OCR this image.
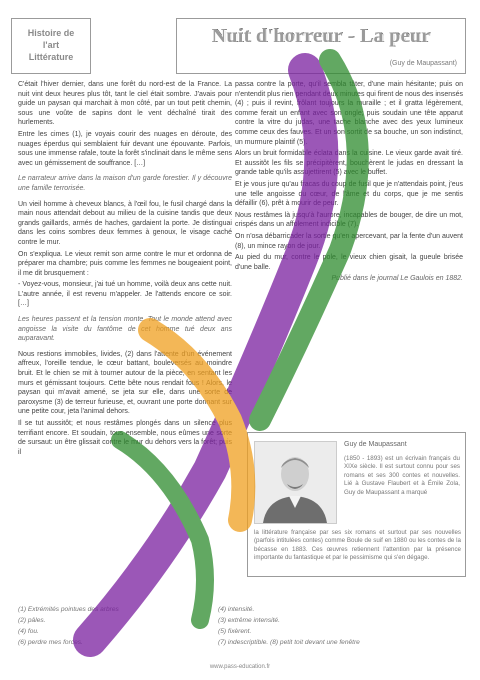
Histoire de
l'art
Littérature
Nuit d'horreur - La peur
(Guy de Maupassant)

C'était l'hiver dernier, dans une forêt du nord-est de la France. La nuit vint deux heures plus tôt, tant le ciel était sombre. J'avais pour guide un paysan qui marchait à mon côté, par un tout petit chemin, sous une voûte de sapins dont le vent déchaîné tirait des hurlements.

Entre les cimes (1), je voyais courir des nuages en déroute, des nuages éperdus qui semblaient fuir devant une épouvante. Parfois, sous une immense rafale, toute la forêt s'inclinait dans le même sens avec un gémissement de souffrance. […]

Le narrateur arrive dans la maison d'un garde forestier. Il y découvre une famille terrorisée.

Un vieil homme à cheveux blancs, à l'œil fou, le fusil chargé dans la main nous attendait debout au milieu de la cuisine tandis que deux grands gaillards, armés de haches, gardaient la porte. Je distinguai dans les coins sombres deux femmes à genoux, le visage caché contre le mur.

On s'expliqua. Le vieux remit son arme contre le mur et ordonna de préparer ma chambre; puis comme les femmes ne bougeaient point, il me dit brusquement :

- Voyez-vous, monsieur, j'ai tué un homme, voilà deux ans cette nuit. L'autre année, il est revenu m'appeler. Je l'attends encore ce soir. […]

Les heures passent et la tension monte. Tout le monde attend avec angoisse la visite du fantôme de cet homme tué deux ans auparavant.

Nous restions immobiles, livides, (2) dans l'attente d'un événement affreux, l'oreille tendue, le cœur battant, bouleversés au moindre bruit. Et le chien se mit à tourner autour de la pièce, en sentant les murs et gémissant toujours. Cette bête nous rendait fous ! Alors, le paysan qui m'avait amené, se jeta sur elle, dans une sorte de paroxysme (3) de terreur furieuse, et, ouvrant une porte donnant sur une petite cour, jeta l'animal dehors.

Il se tut aussitôt; et nous restâmes plongés dans un silence plus terrifiant encore. Et soudain, tous ensemble, nous eûmes une sorte de sursaut: un être glissait contre le mur du dehors vers la forêt; puis il

passa contre la porte, qu'il sembla tâter, d'une main hésitante; puis on n'entendit plus rien pendant deux minutes qui firent de nous des insensés (4) ; puis il revint, frôlant toujours la muraille ; et il gratta légèrement, comme ferait un enfant avec son ongle; puis soudain une tête apparut contre la vitre du judas, une tache blanche avec des yeux lumineux comme ceux des fauves. Et un son sortit de sa bouche, un son indistinct, un murmure plaintif (5).

Alors un bruit formidable éclata dans la cuisine. Le vieux garde avait tiré. Et aussitôt les fils se précipitèrent, bouchèrent le judas en dressant la grande table qu'ils assujettirent (5) avec le buffet.

Et je vous jure qu'au fracas du coup de fusil que je n'attendais point, j'eus une telle angoisse du cœur, de l'âme et du corps, que je me sentis défaillir (6), prêt à mourir de peur.

Nous restâmes là jusqu'à l'aurore, incapables de bouger, de dire un mot, crispés dans un affolement indicible (7).

On n'osa débarricader la sortie qu'en apercevant, par la fente d'un auvent (8), un mince rayon de jour.

Au pied du mur, contre le pole, le vieux chien gisait, la gueule brisée d'une balle.

Publié dans le journal Le Gaulois en 1882.

Guy de Maupassant
(1850 - 1893) est un écrivain français du XIXe siècle. Il est surtout connu pour ses romans et ses 300 contes et nouvelles. Lié à Gustave Flaubert et à Émile Zola, Guy de Maupassant a marqué
la littérature française par ses six romans et surtout par ses nouvelles (parfois intitulées contes) comme Boule de suif en 1880 ou les contes de la bécasse en 1883. Ces œuvres retiennent l'attention par la présence importante du fantastique et par le pessimisme qui s'en dégage.
(1) Extrémités pointues des arbres	(4) intensité.
(2) pâles.	(3) extrême intensité.
(4) fou.	(5) fixèrent.
(6) perdre mes forces.	(7) indescriptible. (8) petit toit devant une fenêtre
www.pass-education.fr
